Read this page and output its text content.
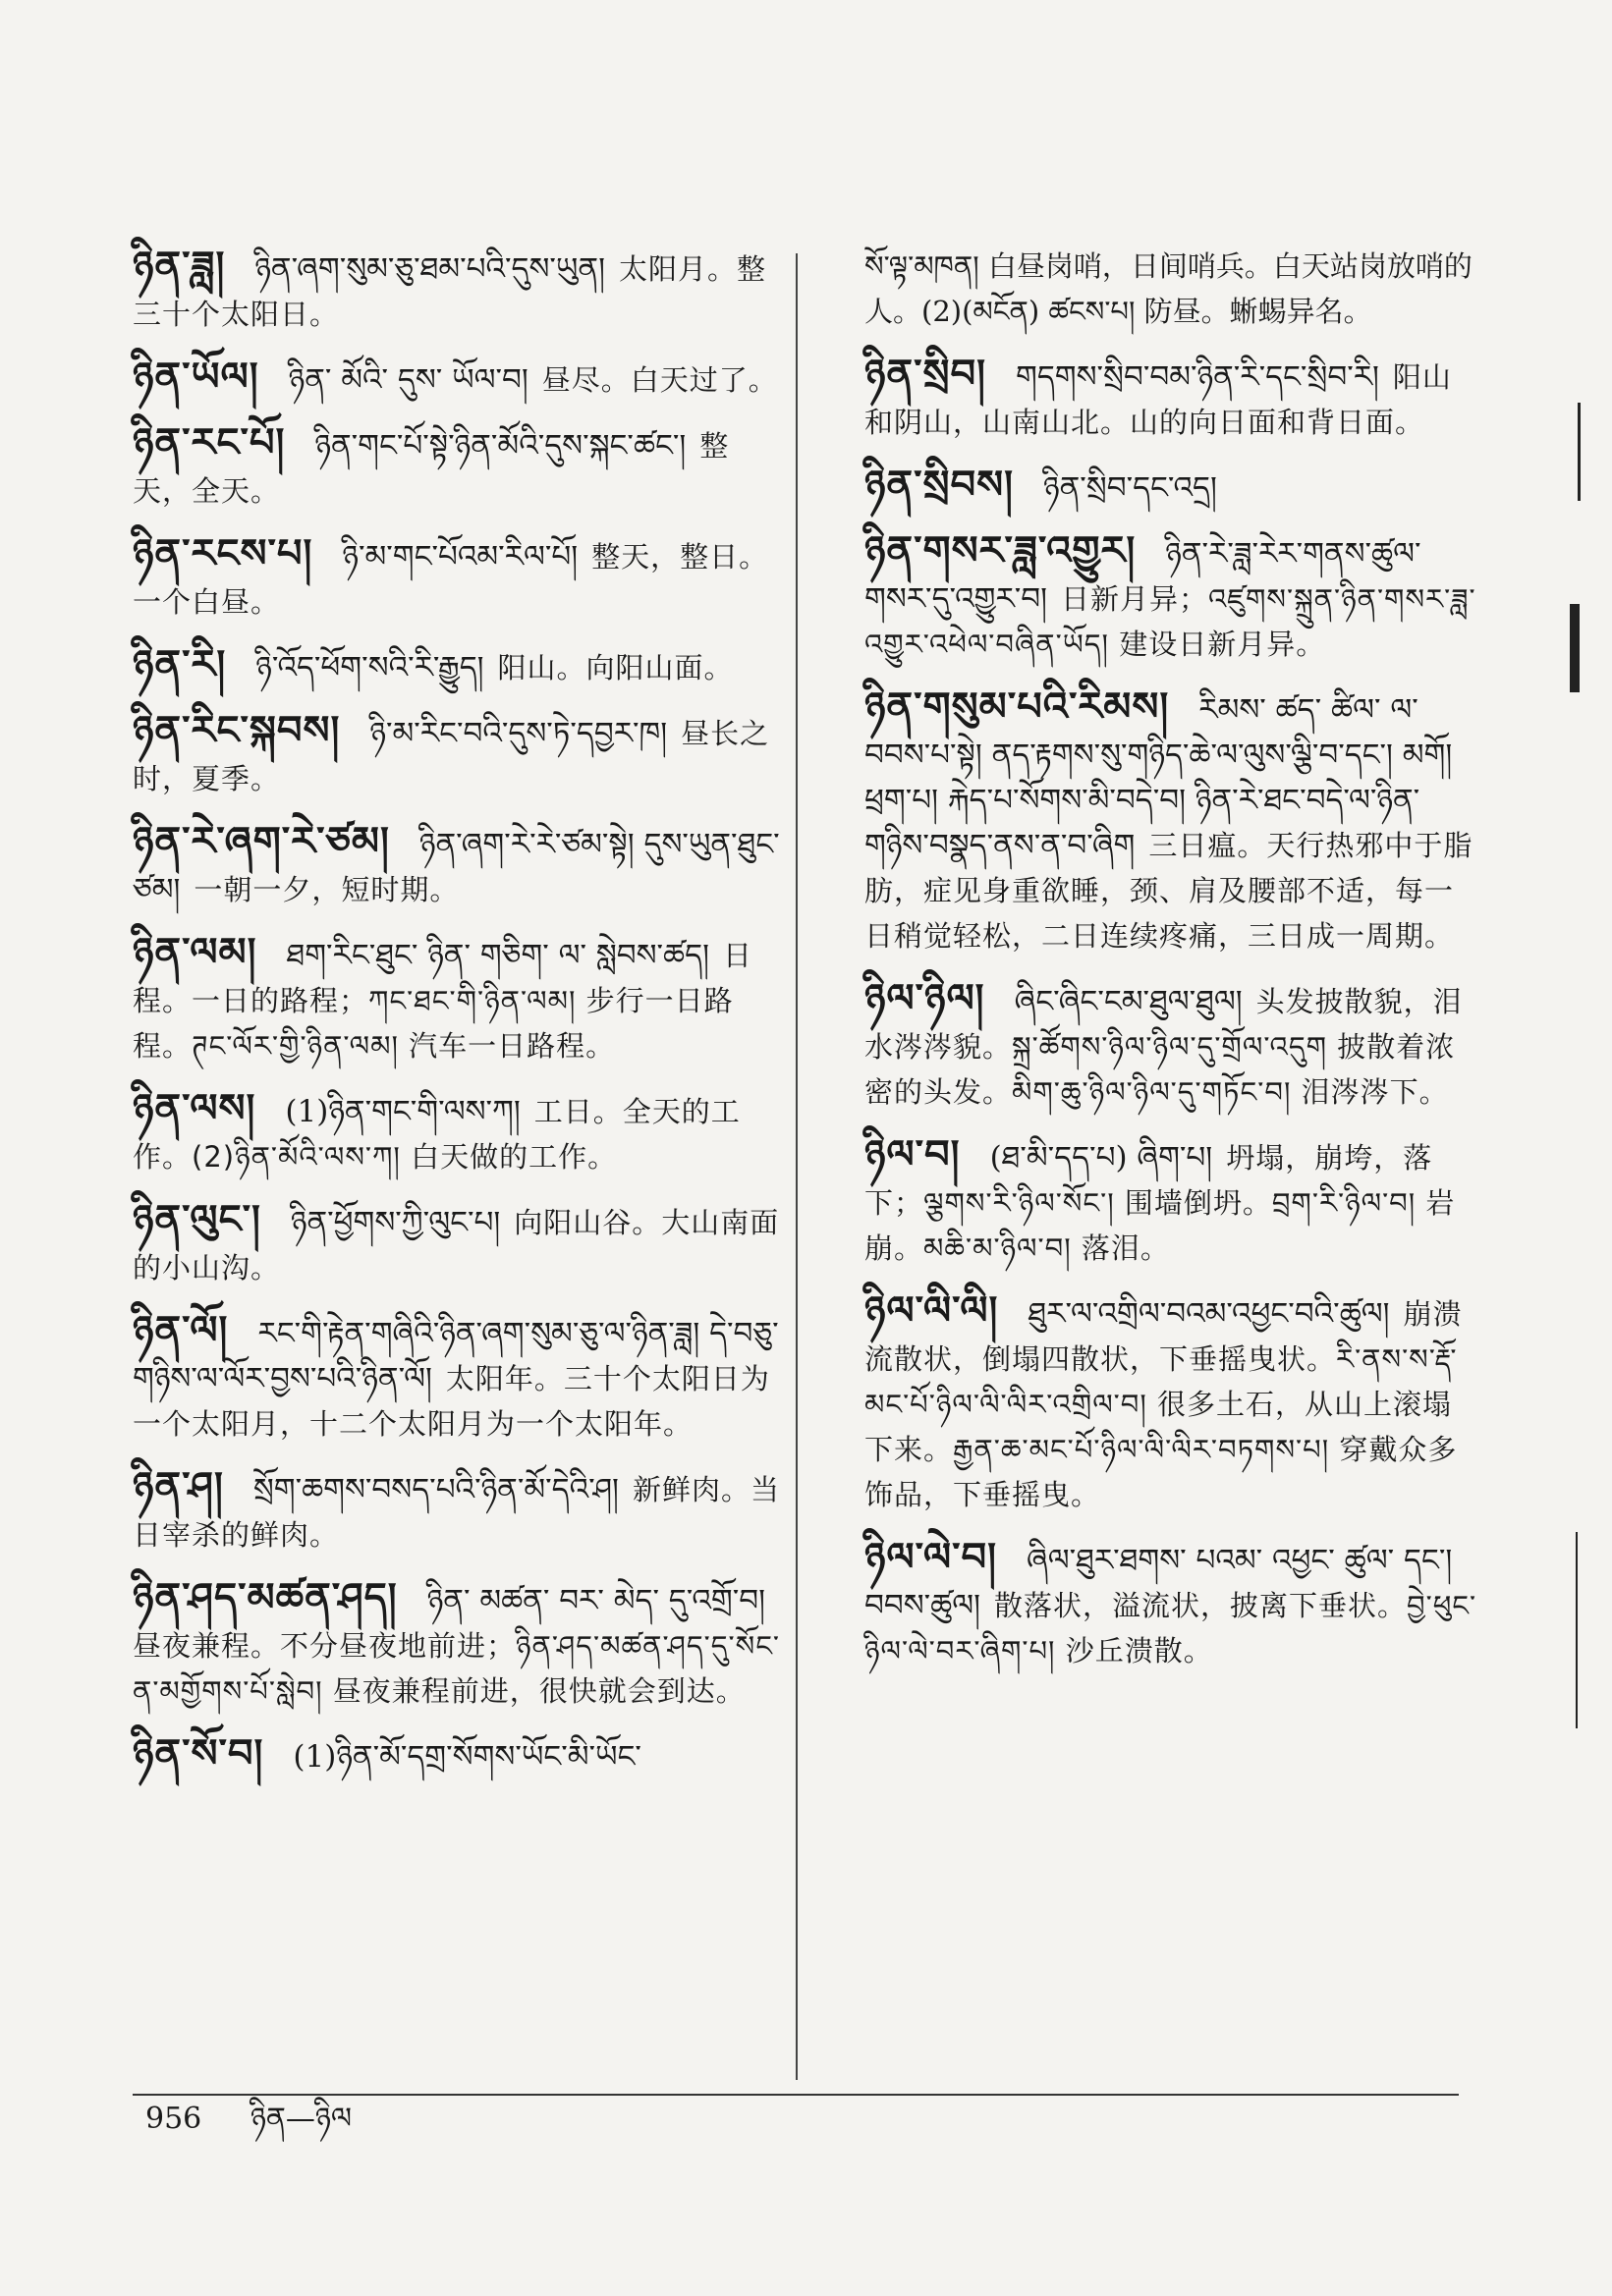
ཉིན་ཟླ། ཉིན་ཞག་སུམ་ཅུ་ཐམ་པའི་དུས་ཡུན། 太阳月。整三十个太阳日。
ཉིན་ཡོལ། ཉིན་ མོའི་ དུས་ ཡོལ་བ། 昼尽。白天过了。
ཉིན་རང་པོ། ཉིན་གང་པོ་སྟེ་ཉིན་མོའི་དུས་སྐང་ཚང་། 整天，全天。
ཉིན་རངས་པ། ཉི་མ་གང་པོའམ་རིལ་པོ། 整天，整日。一个白昼。
ཉིན་རི། ཉི་འོད་ཕོག་སའི་རི་རྒྱུད། 阳山。向阳山面。
ཉིན་རིང་སྐབས། ཉི་མ་རིང་བའི་དུས་ཏེ་དབྱར་ཁ། 昼长之时，夏季。
ཉིན་རེ་ཞག་རེ་ཙམ། ཉིན་ཞག་རེ་རེ་ཙམ་སྟེ། དུས་ཡུན་ཐུང་ཙམ། 一朝一夕，短时期。
ཉིན་ལམ། ཐག་རིང་ཐུང་ ཉིན་ གཅིག་ ལ་ སླེབས་ཚད། 日程。一日的路程；ཀང་ཐང་གི་ཉིན་ལམ། 步行一日路程。ཊང་ལོར་གྱི་ཉིན་ལམ། 汽车一日路程。
ཉིན་ལས། (1)ཉིན་གང་གི་ལས་ཀ། 工日。全天的工作。(2)ཉིན་མོའི་ལས་ཀ། 白天做的工作。
ཉིན་ལུང་། ཉིན་ཕྱོགས་ཀྱི་ལུང་པ། 向阳山谷。大山南面的小山沟。
ཉིན་ལོ། རང་གི་རྟེན་གཞིའི་ཉིན་ཞག་སུམ་ཅུ་ལ་ཉིན་ཟླ། དེ་བཅུ་གཉིས་ལ་ལོར་བྱས་པའི་ཉིན་ལོ། 太阳年。三十个太阳日为一个太阳月，十二个太阳月为一个太阳年。
ཉིན་ཤ། སྲོག་ཆགས་བསད་པའི་ཉིན་མོ་དེའི་ཤ། 新鲜肉。当日宰杀的鲜肉。
ཉིན་ཤད་མཚན་ཤད། ཉིན་ མཚན་ བར་ མེད་ དུ་འགྲོ་བ།昼夜兼程。不分昼夜地前进；ཉིན་ཤད་མཚན་ཤད་དུ་སོང་ན་མགྱོགས་པོ་སླེབ། 昼夜兼程前进，很快就会到达。
ཉིན་སོ་བ། (1)ཉིན་མོ་དགྲ་སོགས་ཡོང་མི་ཡོང་
སོ་ལྟ་མཁན། 白昼岗哨，日间哨兵。白天站岗放哨的人。(2)(མངོན) ཚངས་པ། 防昼。蜥蜴异名。
ཉིན་སྲིབ། གདགས་སྲིབ་བམ་ཉིན་རི་དང་སྲིབ་རི། 阳山和阴山，山南山北。山的向日面和背日面。
ཉིན་སྲིབས། ཉིན་སྲིབ་དང་འདྲ།
ཉིན་གསར་ཟླ་འགྱུར། ཉིན་རེ་ཟླ་རེར་གནས་ཚུལ་གསར་དུ་འགྱུར་བ། 日新月异；འཛུགས་སྐྲུན་ཉིན་གསར་ཟླ་འགྱུར་འཕེལ་བཞིན་ཡོད། 建设日新月异。
ཉིན་གསུམ་པའི་རིམས། རིམས་ ཚད་ ཚིལ་ ལ་བབས་པ་སྟེ། ནད་རྟགས་སུ་གཉིད་ཆེ་ལ་ལུས་ལྕི་བ་དང་། མགོ། ཕྲག་པ། རྐེད་པ་སོགས་མི་བདེ་བ། ཉིན་རེ་ཐང་བདེ་ལ་ཉིན་གཉིས་བསྣད་ནས་ན་བ་ཞིག 三日瘟。天行热邪中于脂肪，症见身重欲睡，颈、肩及腰部不适，每一日稍觉轻松，二日连续疼痛，三日成一周期。
ཉིལ་ཉིལ། ཞིང་ཞིང་ངམ་ཐུལ་ཐུལ། 头发披散貌，泪水涔涔貌。སྐྲ་ཚོགས་ཉིལ་ཉིལ་དུ་གྲོལ་འདུག 披散着浓密的头发。མིག་ཆུ་ཉིལ་ཉིལ་དུ་གཏོང་བ། 泪涔涔下。
ཉིལ་བ། (ཐ་མི་དད་པ) ཞིག་པ། 坍塌，崩垮，落下；ལྕགས་རི་ཉིལ་སོང་། 围墙倒坍。བྲག་རི་ཉིལ་བ། 岩崩。མཆི་མ་ཉིལ་བ། 落泪。
ཉིལ་ལི་ལི། ཐུར་ལ་འགྲིལ་བའམ་འཕྱང་བའི་ཚུལ། 崩溃流散状，倒塌四散状，下垂摇曳状。རི་ནས་ས་རྡོ་མང་པོ་ཉིལ་ལི་ལིར་འགྲིལ་བ། 很多土石，从山上滚塌下来。རྒྱན་ཆ་མང་པོ་ཉིལ་ལི་ལིར་བཏགས་པ། 穿戴众多饰品，下垂摇曳。
ཉིལ་ལེ་བ། ཞིལ་ཐུར་ཐགས་ པའམ་ འཕྱང་ ཚུལ་ དང་། བབས་ཚུལ། 散落状，溢流状，披离下垂状。བྱེ་ཕུང་ཉིལ་ལེ་བར་ཞིག་པ། 沙丘溃散。
956 ཉིན—ཉིལ
